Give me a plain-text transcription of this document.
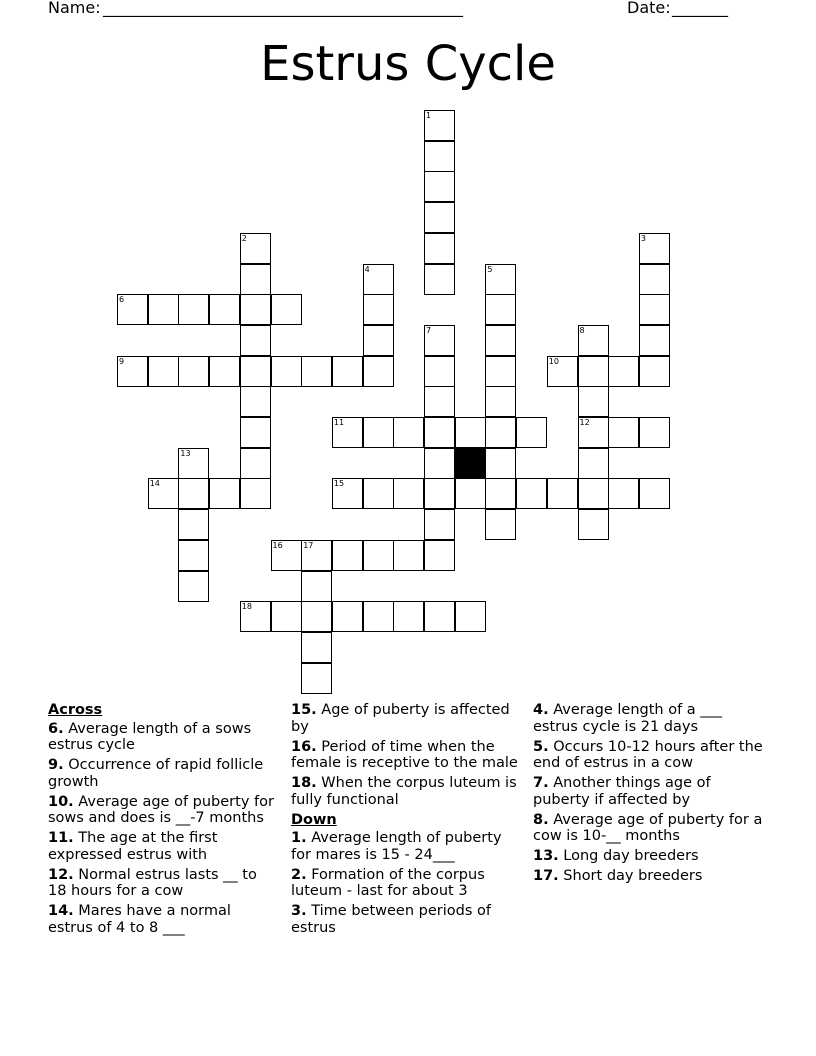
Name: _____________________________________________	Date: _______
Estrus Cycle
1
2	3
4	5
6
7	8
12
9	10
11
13
14	15
16	17
18
Across
6. Average length of a sows estrus cycle
9. Occurrence of rapid follicle growth
10. Average age of puberty for sows and does is __-7 months
11. The age at the first expressed estrus with
12. Normal estrus lasts __ to 18 hours for a cow
14. Mares have a normal estrus of 4 to 8 ___
15. Age of puberty is affected by
16. Period of time when the female is receptive to the male
18. When the corpus luteum is fully functional
Down
1. Average length of puberty for mares is 15 - 24___
2. Formation of the corpus luteum - last for about 3
3. Time between periods of estrus
4. Average length of a ___ estrus cycle is 21 days
5. Occurs 10-12 hours after the end of estrus in a cow
7. Another things age of puberty if affected by
8. Average age of puberty for a cow is 10-__ months
13. Long day breeders
17. Short day breeders
